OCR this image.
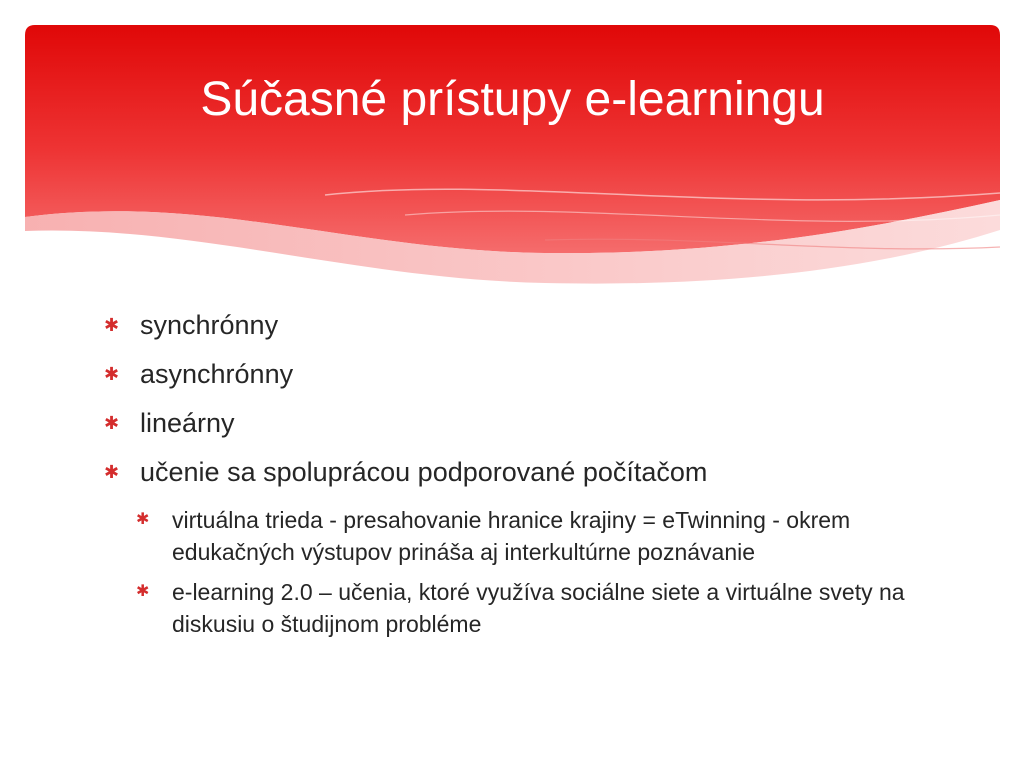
Súčasné prístupy e-learningu
✱ synchrónny
✱ asynchrónny
✱ lineárny
✱ učenie sa spoluprácou podporované počítačom
✱ virtuálna trieda - presahovanie hranice krajiny = eTwinning - okrem edukačných výstupov prináša aj interkultúrne poznávanie
✱ e-learning 2.0 – učenia, ktoré využíva sociálne siete a virtuálne svety na diskusiu o študijnom probléme
